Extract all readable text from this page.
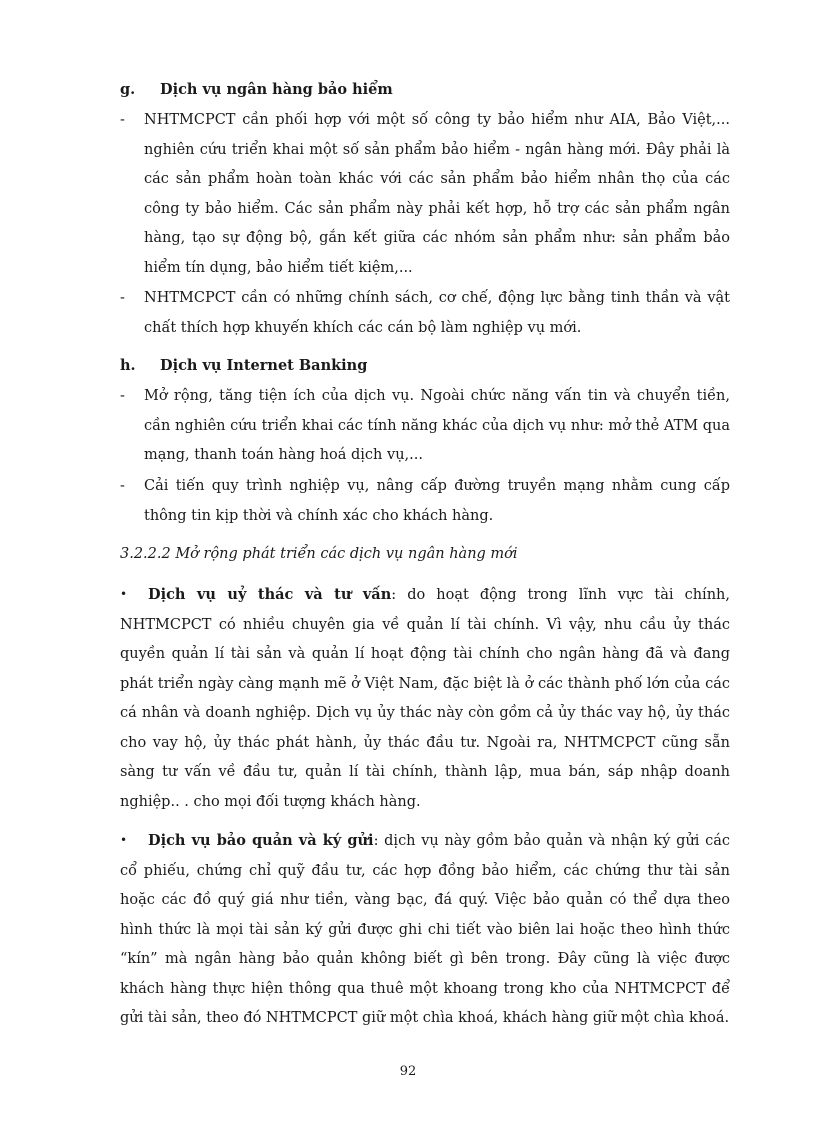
g. Dịch vụ ngân hàng bảo hiểm
- NHTMCPCT cần phối hợp với một số công ty bảo hiểm như AIA, Bảo Việt,... nghiên cứu triển khai một số sản phẩm bảo hiểm - ngân hàng mới. Đây phải là các sản phẩm hoàn toàn khác với các sản phẩm bảo hiểm nhân thọ của các công ty bảo hiểm. Các sản phẩm này phải kết hợp, hỗ trợ các sản phẩm ngân hàng, tạo sự động bộ, gắn kết giữa các nhóm sản phẩm như: sản phẩm bảo hiểm tín dụng, bảo hiểm tiết kiệm,...
- NHTMCPCT cần có những chính sách, cơ chế, động lực bằng tinh thần và vật chất thích hợp khuyến khích các cán bộ làm nghiệp vụ mới.
h. Dịch vụ Internet Banking
- Mở rộng, tăng tiện ích của dịch vụ. Ngoài chức năng vấn tin và chuyển tiền, cần nghiên cứu triển khai các tính năng khác của dịch vụ như: mở thẻ ATM qua mạng, thanh toán hàng hoá dịch vụ,...
- Cải tiến quy trình nghiệp vụ, nâng cấp đường truyền mạng nhằm cung cấp thông tin kịp thời và chính xác cho khách hàng.
3.2.2.2 Mở rộng phát triển các dịch vụ ngân hàng mới
• Dịch vụ uỷ thác và tư vấn: do hoạt động trong lĩnh vực tài chính, NHTMCPCT có nhiều chuyên gia về quản lí tài chính. Vì vậy, nhu cầu ủy thác quyền quản lí tài sản và quản lí hoạt động tài chính cho ngân hàng đã và đang phát triển ngày càng mạnh mẽ ở Việt Nam, đặc biệt là ở các thành phố lớn của các cá nhân và doanh nghiệp. Dịch vụ ủy thác này còn gồm cả ủy thác vay hộ, ủy thác cho vay hộ, ủy thác phát hành, ủy thác đầu tư. Ngoài ra, NHTMCPCT cũng sẵn sàng tư vấn về đầu tư, quản lí tài chính, thành lập, mua bán, sáp nhập doanh nghiệp.. . cho mọi đối tượng khách hàng.
• Dịch vụ bảo quản và ký gửi: dịch vụ này gồm bảo quản và nhận ký gửi các cổ phiếu, chứng chỉ quỹ đầu tư, các hợp đồng bảo hiểm, các chứng thư tài sản hoặc các đồ quý giá như tiền, vàng bạc, đá quý. Việc bảo quản có thể dựa theo hình thức là mọi tài sản ký gửi được ghi chi tiết vào biên lai hoặc theo hình thức “kín” mà ngân hàng bảo quản không biết gì bên trong. Đây cũng là việc được khách hàng thực hiện thông qua thuê một khoang trong kho của NHTMCPCT để gửi tài sản, theo đó NHTMCPCT giữ một chìa khoá, khách hàng giữ một chìa khoá.
92
